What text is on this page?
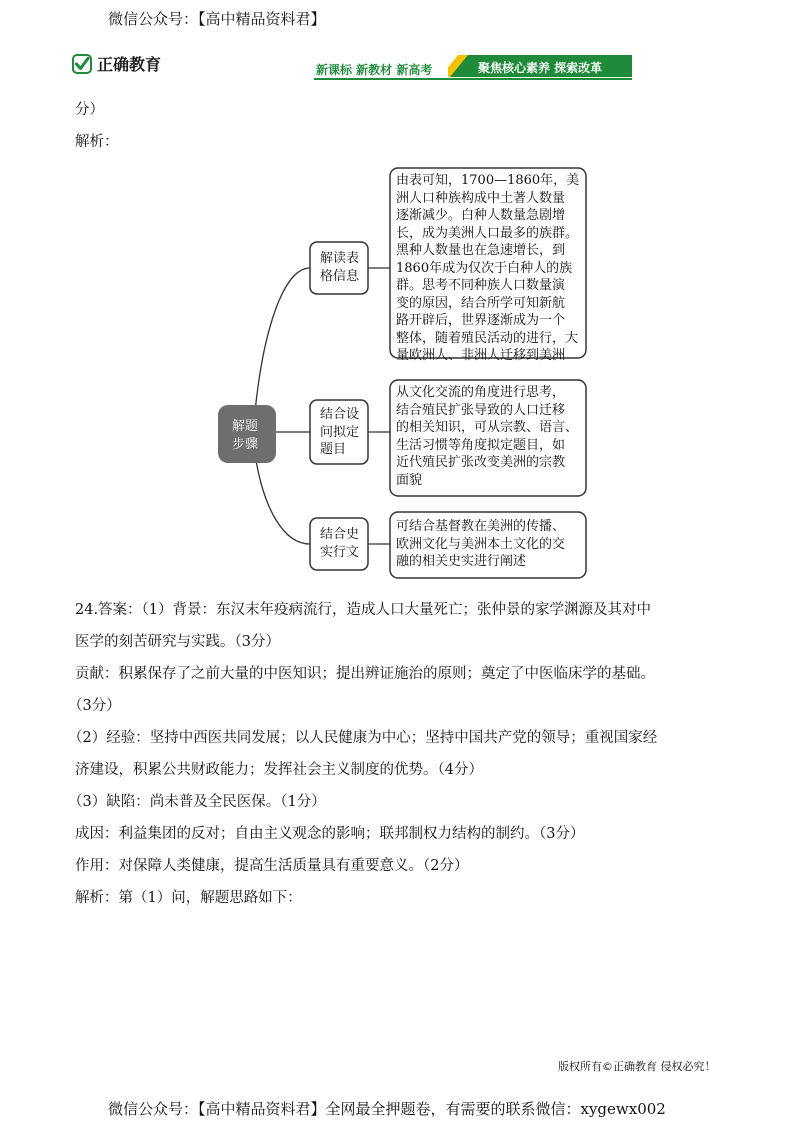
微信公众号：【高中精品资料君】
正确教育	新课标 新教材 新高考	聚焦核心素养 探索改革
分）
解析：
解题
步骤
解读表
格信息
由表可知，1700—1860年，美
洲人口种族构成中土著人数量
逐渐减少。白种人数量急剧增
长，成为美洲人口最多的族群。
黑种人数量也在急速增长，到
1860年成为仅次于白种人的族
群。思考不同种族人口数量演
变的原因，结合所学可知新航
路开辟后，世界逐渐成为一个
整体，随着殖民活动的进行，大
量欧洲人、非洲人迁移到美洲
结合设
问拟定
题目
从文化交流的角度进行思考，
结合殖民扩张导致的人口迁移
的相关知识，可从宗教、语言、
生活习惯等角度拟定题目，如
近代殖民扩张改变美洲的宗教
面貌
结合史
实行文
可结合基督教在美洲的传播、
欧洲文化与美洲本土文化的交
融的相关史实进行阐述
24.答案：（1）背景：东汉末年疫病流行，造成人口大量死亡；张仲景的家学渊源及其对中
医学的刻苦研究与实践。（3分）
贡献：积累保存了之前大量的中医知识；提出辨证施治的原则；奠定了中医临床学的基础。
（3分）
（2）经验：坚持中西医共同发展；以人民健康为中心；坚持中国共产党的领导；重视国家经
济建设，积累公共财政能力；发挥社会主义制度的优势。（4分）
（3）缺陷：尚未普及全民医保。（1分）
成因：利益集团的反对；自由主义观念的影响；联邦制权力结构的制约。（3分）
作用：对保障人类健康，提高生活质量具有重要意义。（2分）
解析：第（1）问，解题思路如下：
版权所有©正确教育 侵权必究！
微信公众号：【高中精品资料君】全网最全押题卷，有需要的联系微信：xygewx002
